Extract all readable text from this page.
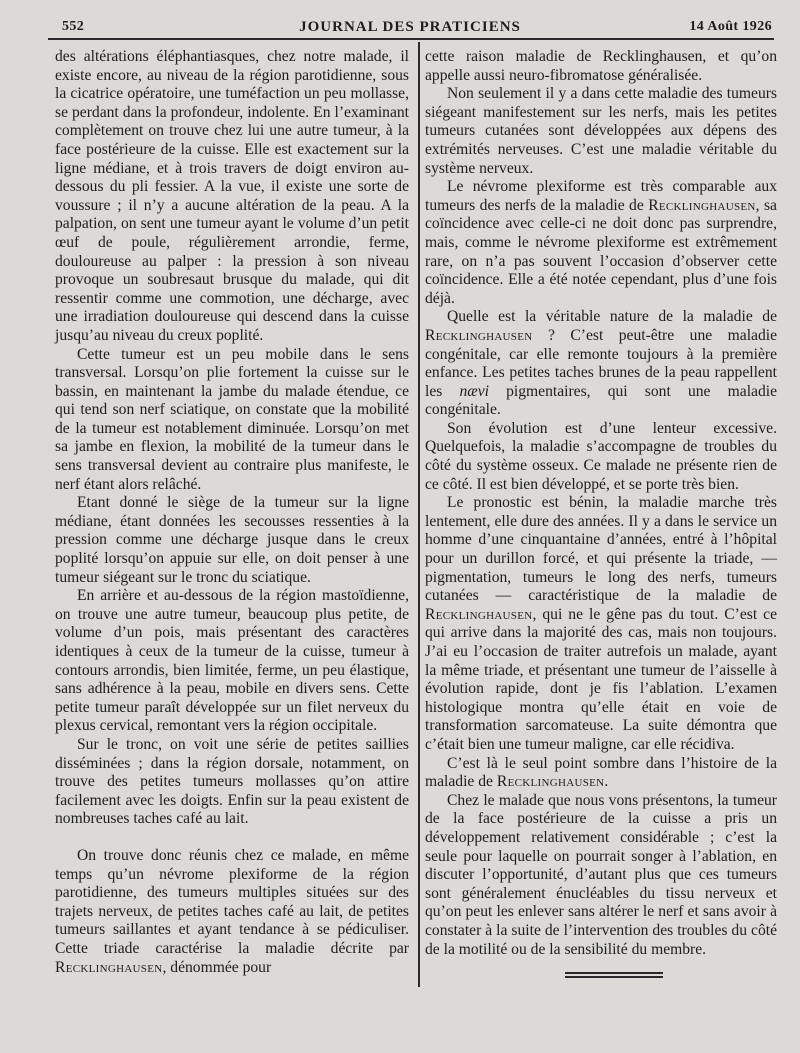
552	JOURNAL DES PRATICIENS	14 Août 1926

des altérations éléphantiasques, chez notre malade, il existe encore, au niveau de la région parotidienne, sous la cicatrice opératoire, une tuméfaction un peu mollasse, se perdant dans la profondeur, indolente. En l’examinant complètement on trouve chez lui une autre tumeur, à la face postérieure de la cuisse. Elle est exactement sur la ligne médiane, et à trois travers de doigt environ au-dessous du pli fessier. A la vue, il existe une sorte de voussure ; il n’y a aucune altération de la peau. A la palpation, on sent une tumeur ayant le volume d’un petit œuf de poule, régulièrement arrondie, ferme, douloureuse au palper : la pression à son niveau provoque un soubresaut brusque du malade, qui dit ressentir comme une commotion, une décharge, avec une irradiation douloureuse qui descend dans la cuisse jusqu’au niveau du creux poplité.

Cette tumeur est un peu mobile dans le sens transversal. Lorsqu’on plie fortement la cuisse sur le bassin, en maintenant la jambe du malade étendue, ce qui tend son nerf sciatique, on constate que la mobilité de la tumeur est notablement diminuée. Lorsqu’on met sa jambe en flexion, la mobilité de la tumeur dans le sens transversal devient au contraire plus manifeste, le nerf étant alors relâché.

Etant donné le siège de la tumeur sur la ligne médiane, étant données les secousses ressenties à la pression comme une décharge jusque dans le creux poplité lorsqu’on appuie sur elle, on doit penser à une tumeur siégeant sur le tronc du sciatique.

En arrière et au-dessous de la région mastoïdienne, on trouve une autre tumeur, beaucoup plus petite, de volume d’un pois, mais présentant des caractères identiques à ceux de la tumeur de la cuisse, tumeur à contours arrondis, bien limitée, ferme, un peu élastique, sans adhérence à la peau, mobile en divers sens. Cette petite tumeur paraît développée sur un filet nerveux du plexus cervical, remontant vers la région occipitale.

Sur le tronc, on voit une série de petites saillies disséminées ; dans la région dorsale, notamment, on trouve des petites tumeurs mollasses qu’on attire facilement avec les doigts. Enfin sur la peau existent de nombreuses taches café au lait.

On trouve donc réunis chez ce malade, en même temps qu’un névrome plexiforme de la région parotidienne, des tumeurs multiples situées sur des trajets nerveux, de petites taches café au lait, de petites tumeurs saillantes et ayant tendance à se pédiculiser. Cette triade caractérise la maladie décrite par Recklinghausen, dénommée pour

cette raison maladie de Recklinghausen, et qu’on appelle aussi neuro-fibromatose généralisée.

Non seulement il y a dans cette maladie des tumeurs siégeant manifestement sur les nerfs, mais les petites tumeurs cutanées sont développées aux dépens des extrémités nerveuses. C’est une maladie véritable du système nerveux.

Le névrome plexiforme est très comparable aux tumeurs des nerfs de la maladie de Recklinghausen, sa coïncidence avec celle-ci ne doit donc pas surprendre, mais, comme le névrome plexiforme est extrêmement rare, on n’a pas souvent l’occasion d’observer cette coïncidence. Elle a été notée cependant, plus d’une fois déjà.

Quelle est la véritable nature de la maladie de Recklinghausen ? C’est peut-être une maladie congénitale, car elle remonte toujours à la première enfance. Les petites taches brunes de la peau rappellent les nævi pigmentaires, qui sont une maladie congénitale.

Son évolution est d’une lenteur excessive. Quelquefois, la maladie s’accompagne de troubles du côté du système osseux. Ce malade ne présente rien de ce côté. Il est bien développé, et se porte très bien.

Le pronostic est bénin, la maladie marche très lentement, elle dure des années. Il y a dans le service un homme d’une cinquantaine d’années, entré à l’hôpital pour un durillon forcé, et qui présente la triade, — pigmentation, tumeurs le long des nerfs, tumeurs cutanées — caractéristique de la maladie de Recklinghausen, qui ne le gêne pas du tout. C’est ce qui arrive dans la majorité des cas, mais non toujours. J’ai eu l’occasion de traiter autrefois un malade, ayant la même triade, et présentant une tumeur de l’aisselle à évolution rapide, dont je fis l’ablation. L’examen histologique montra qu’elle était en voie de transformation sarcomateuse. La suite démontra que c’était bien une tumeur maligne, car elle récidiva.

C’est là le seul point sombre dans l’histoire de la maladie de Recklinghausen.

Chez le malade que nous vons présentons, la tumeur de la face postérieure de la cuisse a pris un développement relativement considérable ; c’est la seule pour laquelle on pourrait songer à l’ablation, en discuter l’opportunité, d’autant plus que ces tumeurs sont généralement énucléables du tissu nerveux et qu’on peut les enlever sans altérer le nerf et sans avoir à constater à la suite de l’intervention des troubles du côté de la motilité ou de la sensibilité du membre.
